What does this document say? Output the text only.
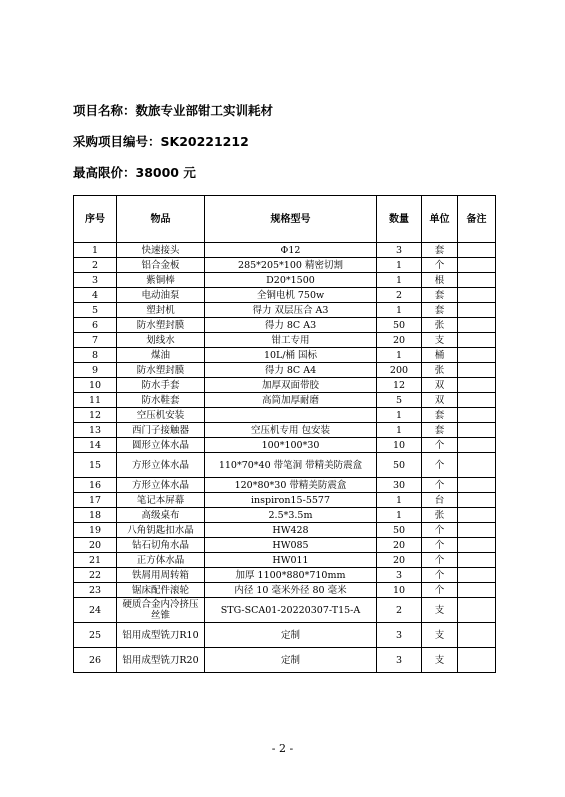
项目名称：数旅专业部钳工实训耗材
采购项目编号：SK20221212
最高限价：38000 元
序号	物品	规格型号	数量	单位	备注
1	快速接头	Φ12	3	套	
2	铝合金板	285*205*100 精密切割	1	个	
3	紫铜棒	D20*1500	1	根	
4	电动油泵	全铜电机 750w	2	套	
5	塑封机	得力 双层压合 A3	1	套	
6	防水塑封膜	得力 8C A3	50	张	
7	划线水	钳工专用	20	支	
8	煤油	10L/桶 国标	1	桶	
9	防水塑封膜	得力 8C A4	200	张	
10	防水手套	加厚双面带胶	12	双	
11	防水鞋套	高筒加厚耐磨	5	双	
12	空压机安装		1	套	
13	西门子接触器	空压机专用 包安装	1	套	
14	圆形立体水晶	100*100*30	10	个	
15	方形立体水晶	110*70*40 带笔洞 带精美防震盒	50	个	
16	方形立体水晶	120*80*30 带精美防震盒	30	个	
17	笔记本屏幕	inspiron15-5577	1	台	
18	高级桌布	2.5*3.5m	1	张	
19	八角钥匙扣水晶	HW428	50	个	
20	钻石切角水晶	HW085	20	个	
21	正方体水晶	HW011	20	个	
22	铁屑用周转箱	加厚 1100*880*710mm	3	个	
23	锯床配件滚轮	内径 10 毫米外径 80 毫米	10	个	
24	硬质合金内冷挤压丝锥	STG-SCA01-20220307-T15-A	2	支	
25	铝用成型铣刀R10	定制	3	支	
26	铝用成型铣刀R20	定制	3	支	
- 2 -
